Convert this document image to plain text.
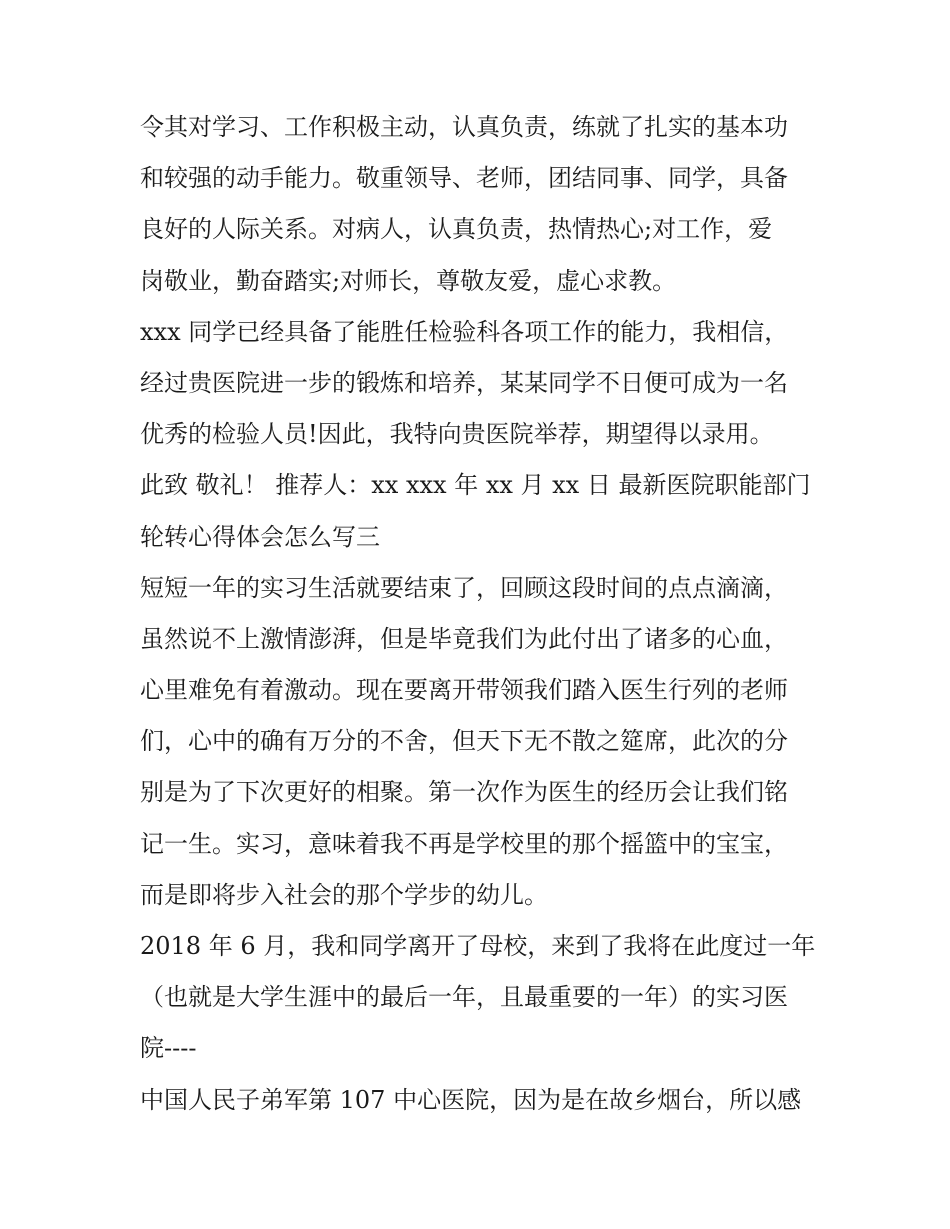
令其对学习、工作积极主动，认真负责，练就了扎实的基本功
和较强的动手能力。敬重领导、老师，团结同事、同学，具备
良好的人际关系。对病人，认真负责，热情热心;对工作，爱
岗敬业，勤奋踏实;对师长，尊敬友爱，虚心求教。
xxx 同学已经具备了能胜任检验科各项工作的能力，我相信，
经过贵医院进一步的锻炼和培养，某某同学不日便可成为一名
优秀的检验人员!因此，我特向贵医院举荐，期望得以录用。
此致 敬礼！ 推荐人：xx xxx 年 xx 月 xx 日 最新医院职能部门
轮转心得体会怎么写三
短短一年的实习生活就要结束了，回顾这段时间的点点滴滴，
虽然说不上激情澎湃，但是毕竟我们为此付出了诸多的心血，
心里难免有着激动。现在要离开带领我们踏入医生行列的老师
们，心中的确有万分的不舍，但天下无不散之筵席，此次的分
别是为了下次更好的相聚。第一次作为医生的经历会让我们铭
记一生。实习，意味着我不再是学校里的那个摇篮中的宝宝，
而是即将步入社会的那个学步的幼儿。
2018 年 6 月，我和同学离开了母校，来到了我将在此度过一年
（也就是大学生涯中的最后一年，且最重要的一年）的实习医
院----
中国人民子弟军第 107 中心医院，因为是在故乡烟台，所以感
